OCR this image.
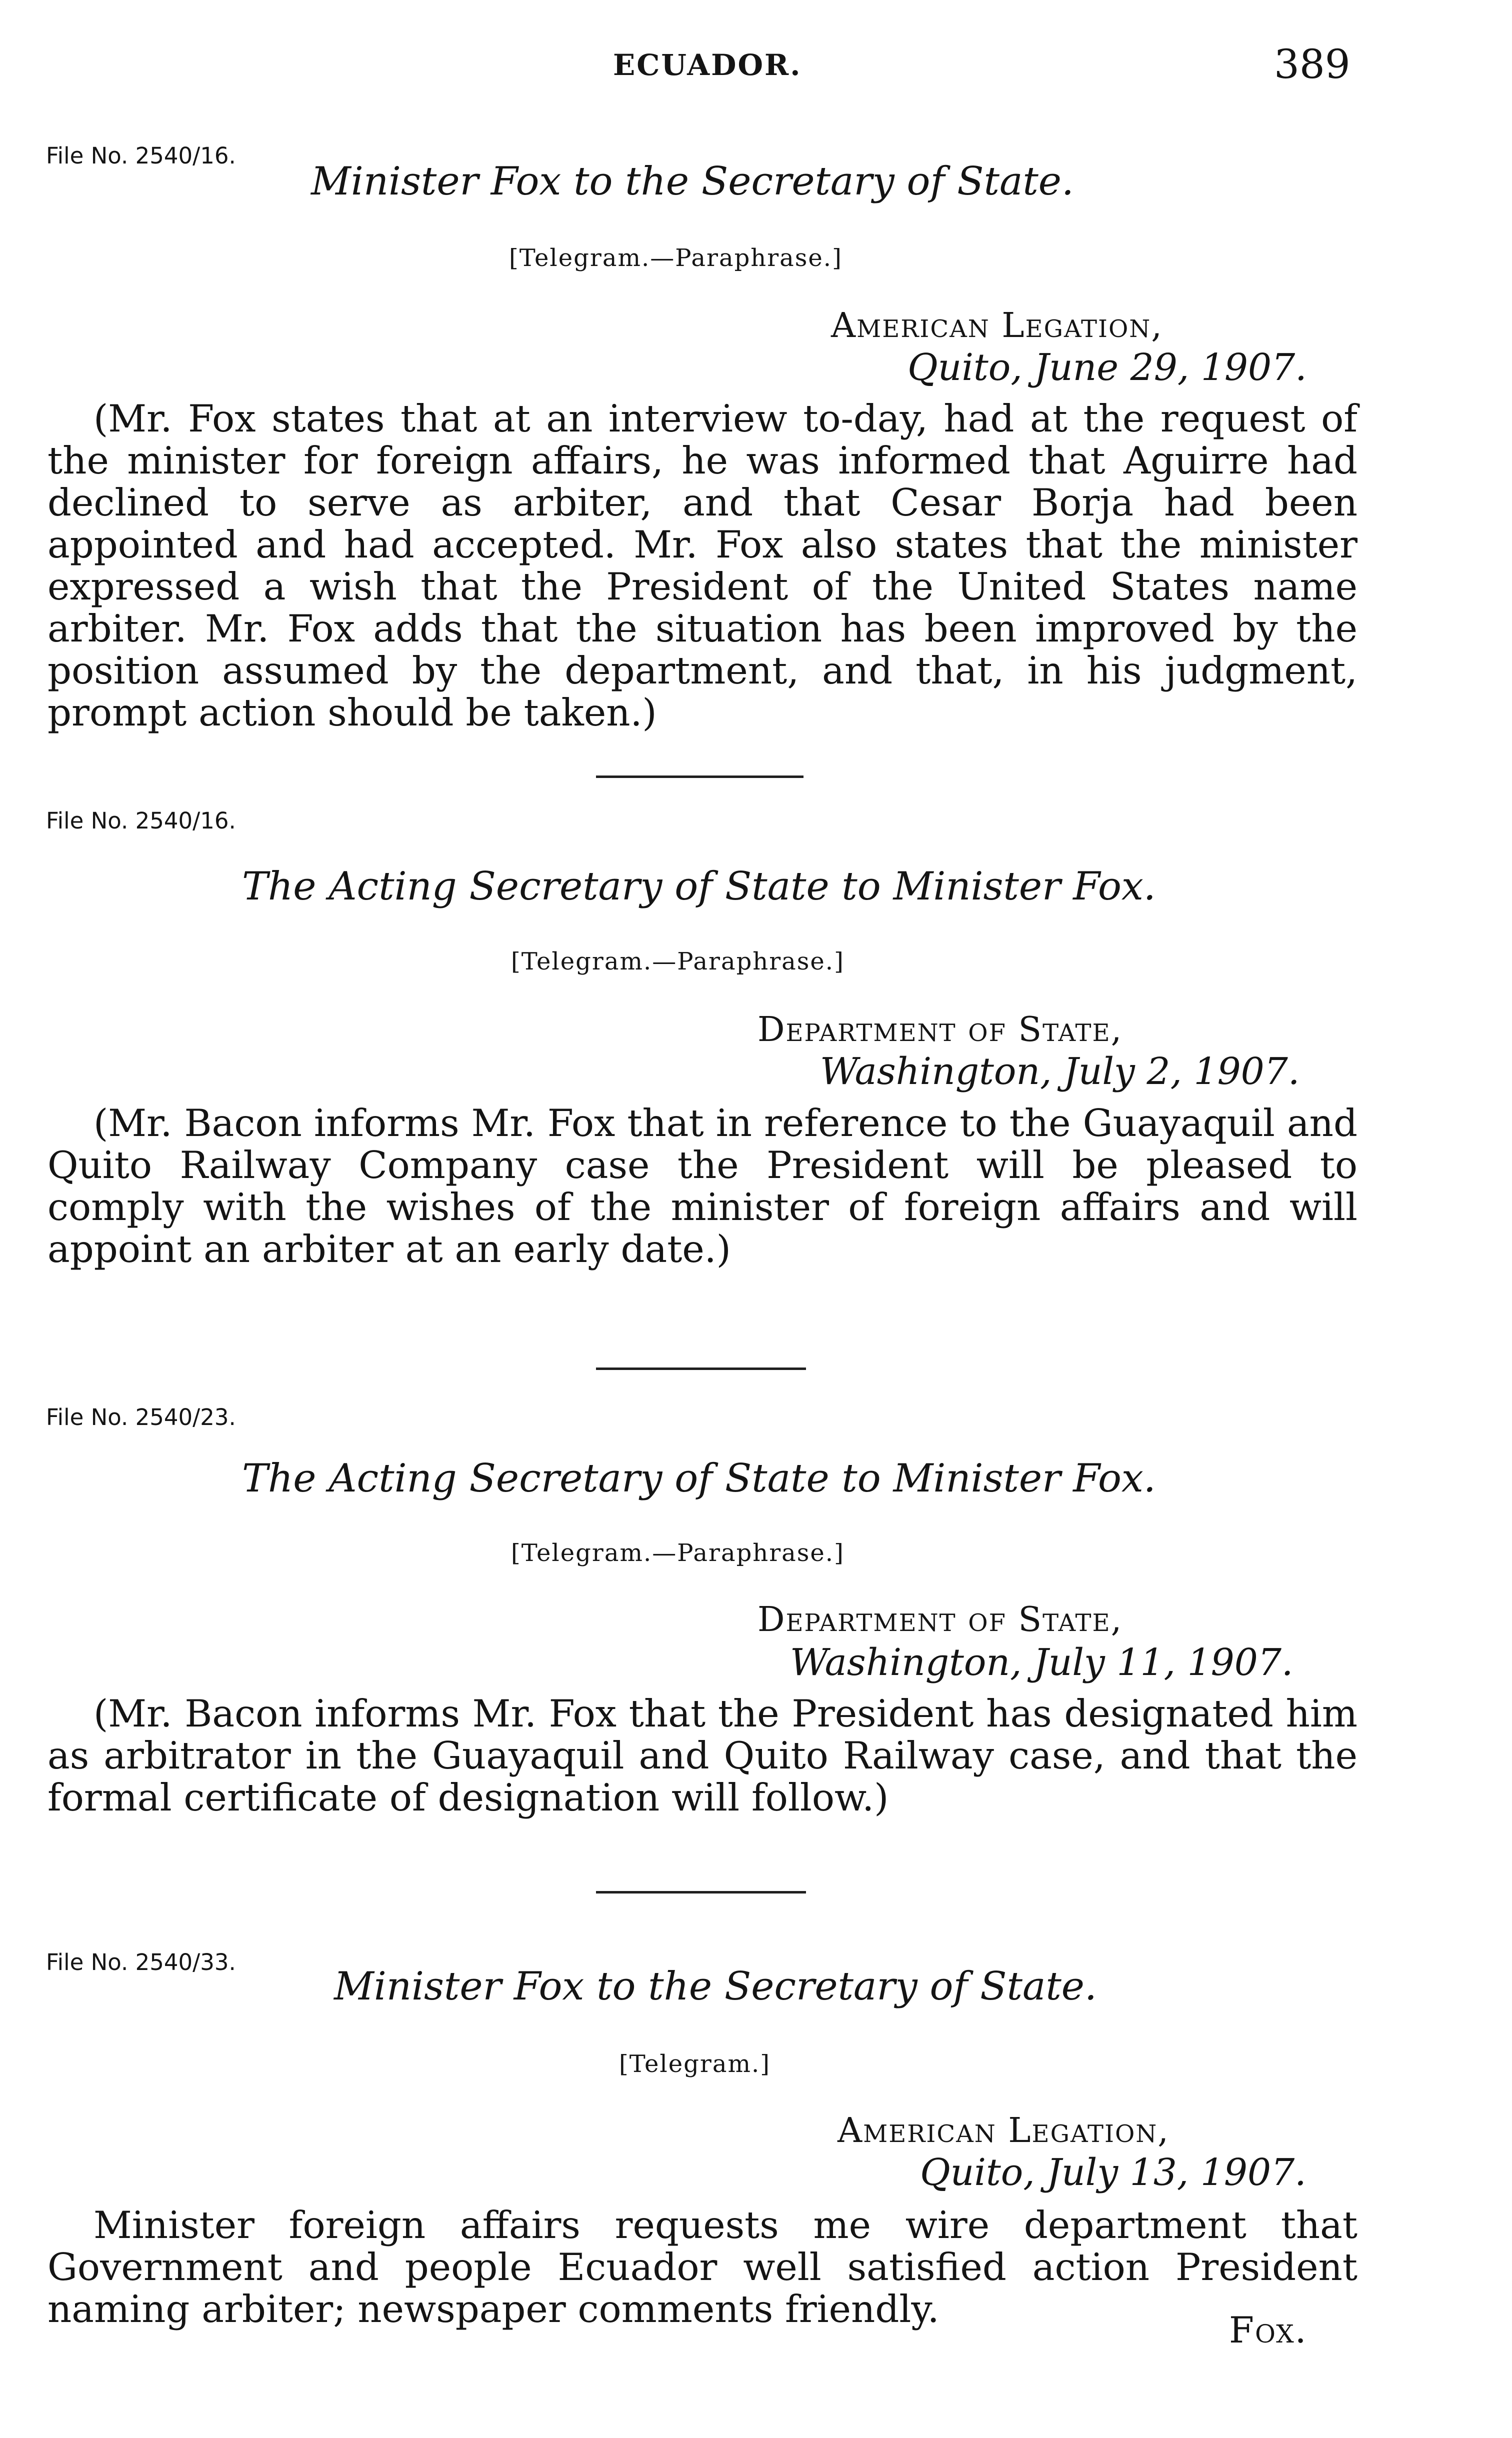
ECUADOR.	389
File No. 2540/16.
Minister Fox to the Secretary of State.
[Telegram.—Paraphrase.]
American Legation,
Quito, June 29, 1907.

(Mr. Fox states that at an interview to-day, had at the request of the minister for foreign affairs, he was informed that Aguirre had declined to serve as arbiter, and that Cesar Borja had been appointed and had accepted. Mr. Fox also states that the minister expressed a wish that the President of the United States name arbiter. Mr. Fox adds that the situation has been improved by the position assumed by the department, and that, in his judgment, prompt action should be taken.)

File No. 2540/16.
The Acting Secretary of State to Minister Fox.
[Telegram.—Paraphrase.]
Department of State,
Washington, July 2, 1907.

(Mr. Bacon informs Mr. Fox that in reference to the Guayaquil and Quito Railway Company case the President will be pleased to comply with the wishes of the minister of foreign affairs and will appoint an arbiter at an early date.)

File No. 2540/23.
The Acting Secretary of State to Minister Fox.
[Telegram.—Paraphrase.]
Department of State,
Washington, July 11, 1907.

(Mr. Bacon informs Mr. Fox that the President has designated him as arbitrator in the Guayaquil and Quito Railway case, and that the formal certificate of designation will follow.)

File No. 2540/33.
Minister Fox to the Secretary of State.
[Telegram.]
American Legation,
Quito, July 13, 1907.

Minister foreign affairs requests me wire department that Government and people Ecuador well satisfied action President naming arbiter; newspaper comments friendly.	Fox.
